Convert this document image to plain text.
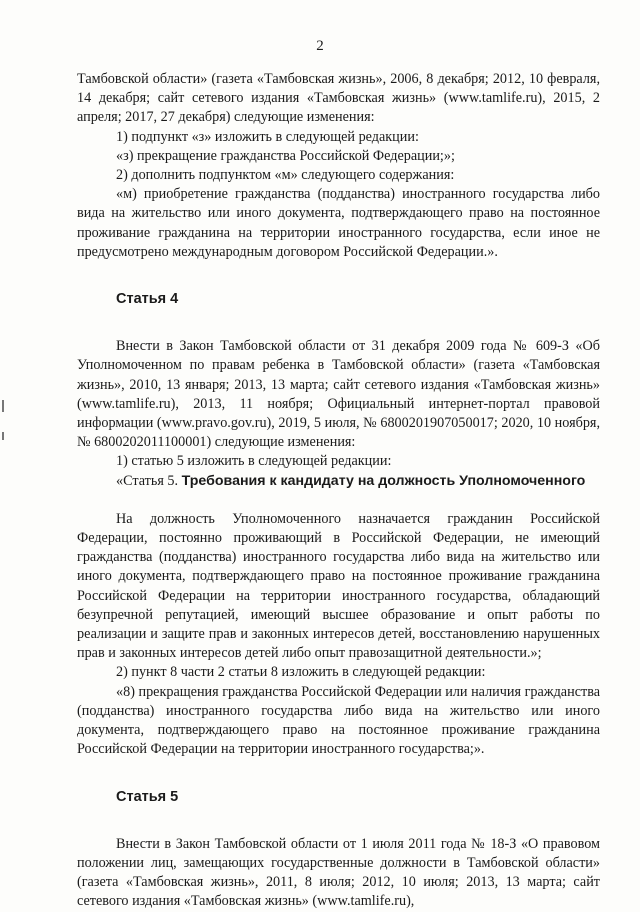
2

Тамбовской области» (газета «Тамбовская жизнь», 2006, 8 декабря; 2012, 10 февраля, 14 декабря; сайт сетевого издания «Тамбовская жизнь» (www.tamlife.ru), 2015, 2 апреля; 2017, 27 декабря) следующие изменения:

1) подпункт «з» изложить в следующей редакции:

«з) прекращение гражданства Российской Федерации;»;

2) дополнить подпунктом «м» следующего содержания:

«м) приобретение гражданства (подданства) иностранного государства либо вида на жительство или иного документа, подтверждающего право на постоянное проживание гражданина на территории иностранного государства, если иное не предусмотрено международным договором Российской Федерации.».

Статья 4

Внести в Закон Тамбовской области от 31 декабря 2009 года № 609-З «Об Уполномоченном по правам ребенка в Тамбовской области» (газета «Тамбовская жизнь», 2010, 13 января; 2013, 13 марта; сайт сетевого издания «Тамбовская жизнь» (www.tamlife.ru), 2013, 11 ноября; Официальный интернет-портал правовой информации (www.pravo.gov.ru), 2019, 5 июля, № 6800201907050017; 2020, 10 ноября, № 6800202011100001) следующие изменения:

1) статью 5 изложить в следующей редакции:

«Статья 5. Требования к кандидату на должность Уполномоченного

На должность Уполномоченного назначается гражданин Российской Федерации, постоянно проживающий в Российской Федерации, не имеющий гражданства (подданства) иностранного государства либо вида на жительство или иного документа, подтверждающего право на постоянное проживание гражданина Российской Федерации на территории иностранного государства, обладающий безупречной репутацией, имеющий высшее образование и опыт работы по реализации и защите прав и законных интересов детей, восстановлению нарушенных прав и законных интересов детей либо опыт правозащитной деятельности.»;

2) пункт 8 части 2 статьи 8 изложить в следующей редакции:

«8) прекращения гражданства Российской Федерации или наличия гражданства (подданства) иностранного государства либо вида на жительство или иного документа, подтверждающего право на постоянное проживание гражданина Российской Федерации на территории иностранного государства;».

Статья 5

Внести в Закон Тамбовской области от 1 июля 2011 года № 18-З «О правовом положении лиц, замещающих государственные должности в Тамбовской области» (газета «Тамбовская жизнь», 2011, 8 июля; 2012, 10 июля; 2013, 13 марта; сайт сетевого издания «Тамбовская жизнь» (www.tamlife.ru),
